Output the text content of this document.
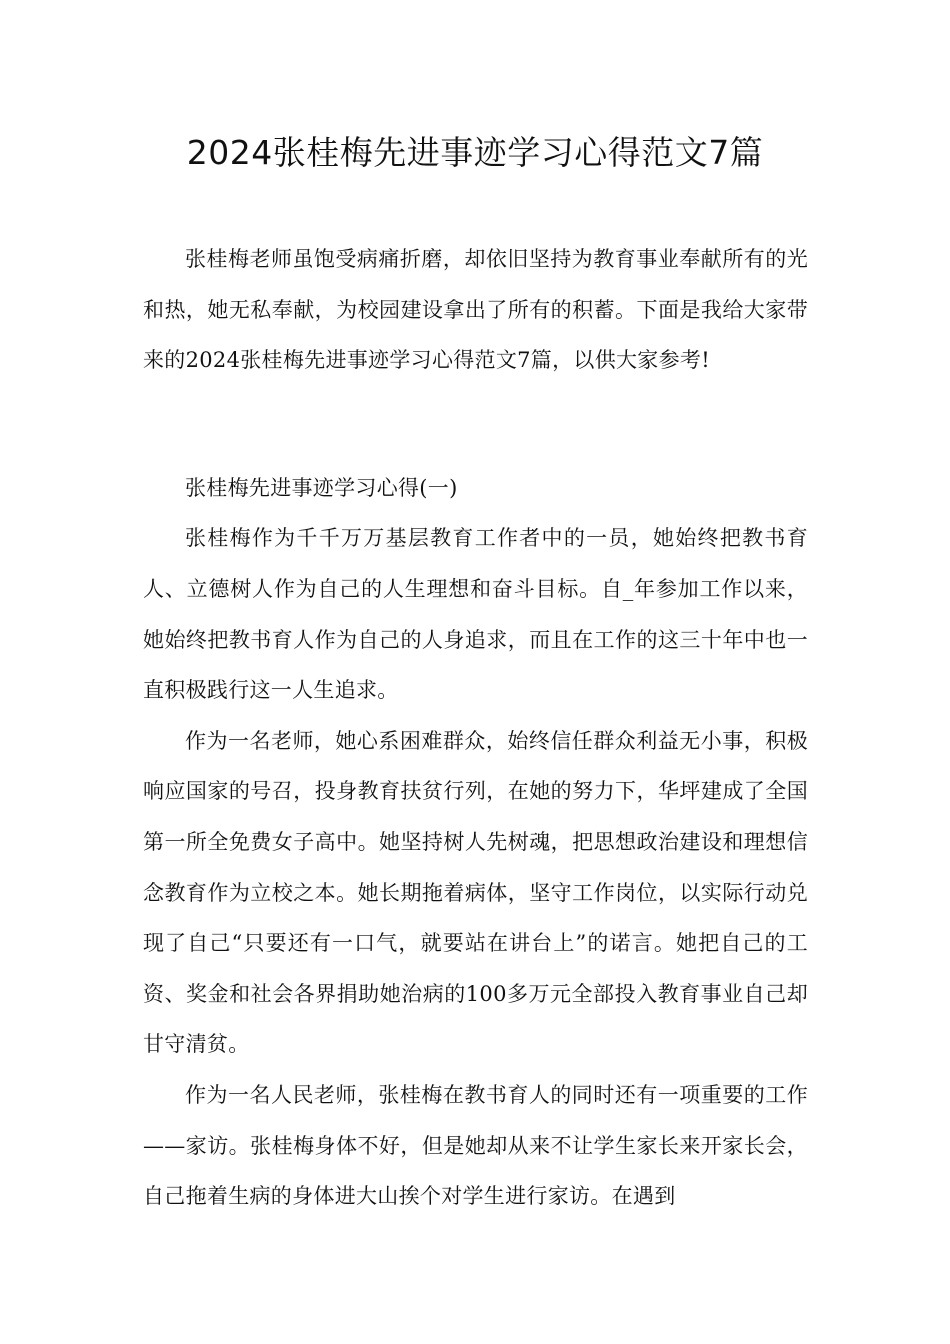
2024张桂梅先进事迹学习心得范文7篇

张桂梅老师虽饱受病痛折磨，却依旧坚持为教育事业奉献所有的光和热，她无私奉献，为校园建设拿出了所有的积蓄。下面是我给大家带来的2024张桂梅先进事迹学习心得范文7篇，以供大家参考!

张桂梅先进事迹学习心得(一)

张桂梅作为千千万万基层教育工作者中的一员，她始终把教书育人、立德树人作为自己的人生理想和奋斗目标。自_年参加工作以来，她始终把教书育人作为自己的人身追求，而且在工作的这三十年中也一直积极践行这一人生追求。

作为一名老师，她心系困难群众，始终信任群众利益无小事，积极响应国家的号召，投身教育扶贫行列，在她的努力下，华坪建成了全国第一所全免费女子高中。她坚持树人先树魂，把思想政治建设和理想信念教育作为立校之本。她长期拖着病体，坚守工作岗位，以实际行动兑现了自己“只要还有一口气，就要站在讲台上”的诺言。她把自己的工资、奖金和社会各界捐助她治病的100多万元全部投入教育事业自己却甘守清贫。

作为一名人民老师，张桂梅在教书育人的同时还有一项重要的工作——家访。张桂梅身体不好，但是她却从来不让学生家长来开家长会，自己拖着生病的身体进大山挨个对学生进行家访。在遇到
